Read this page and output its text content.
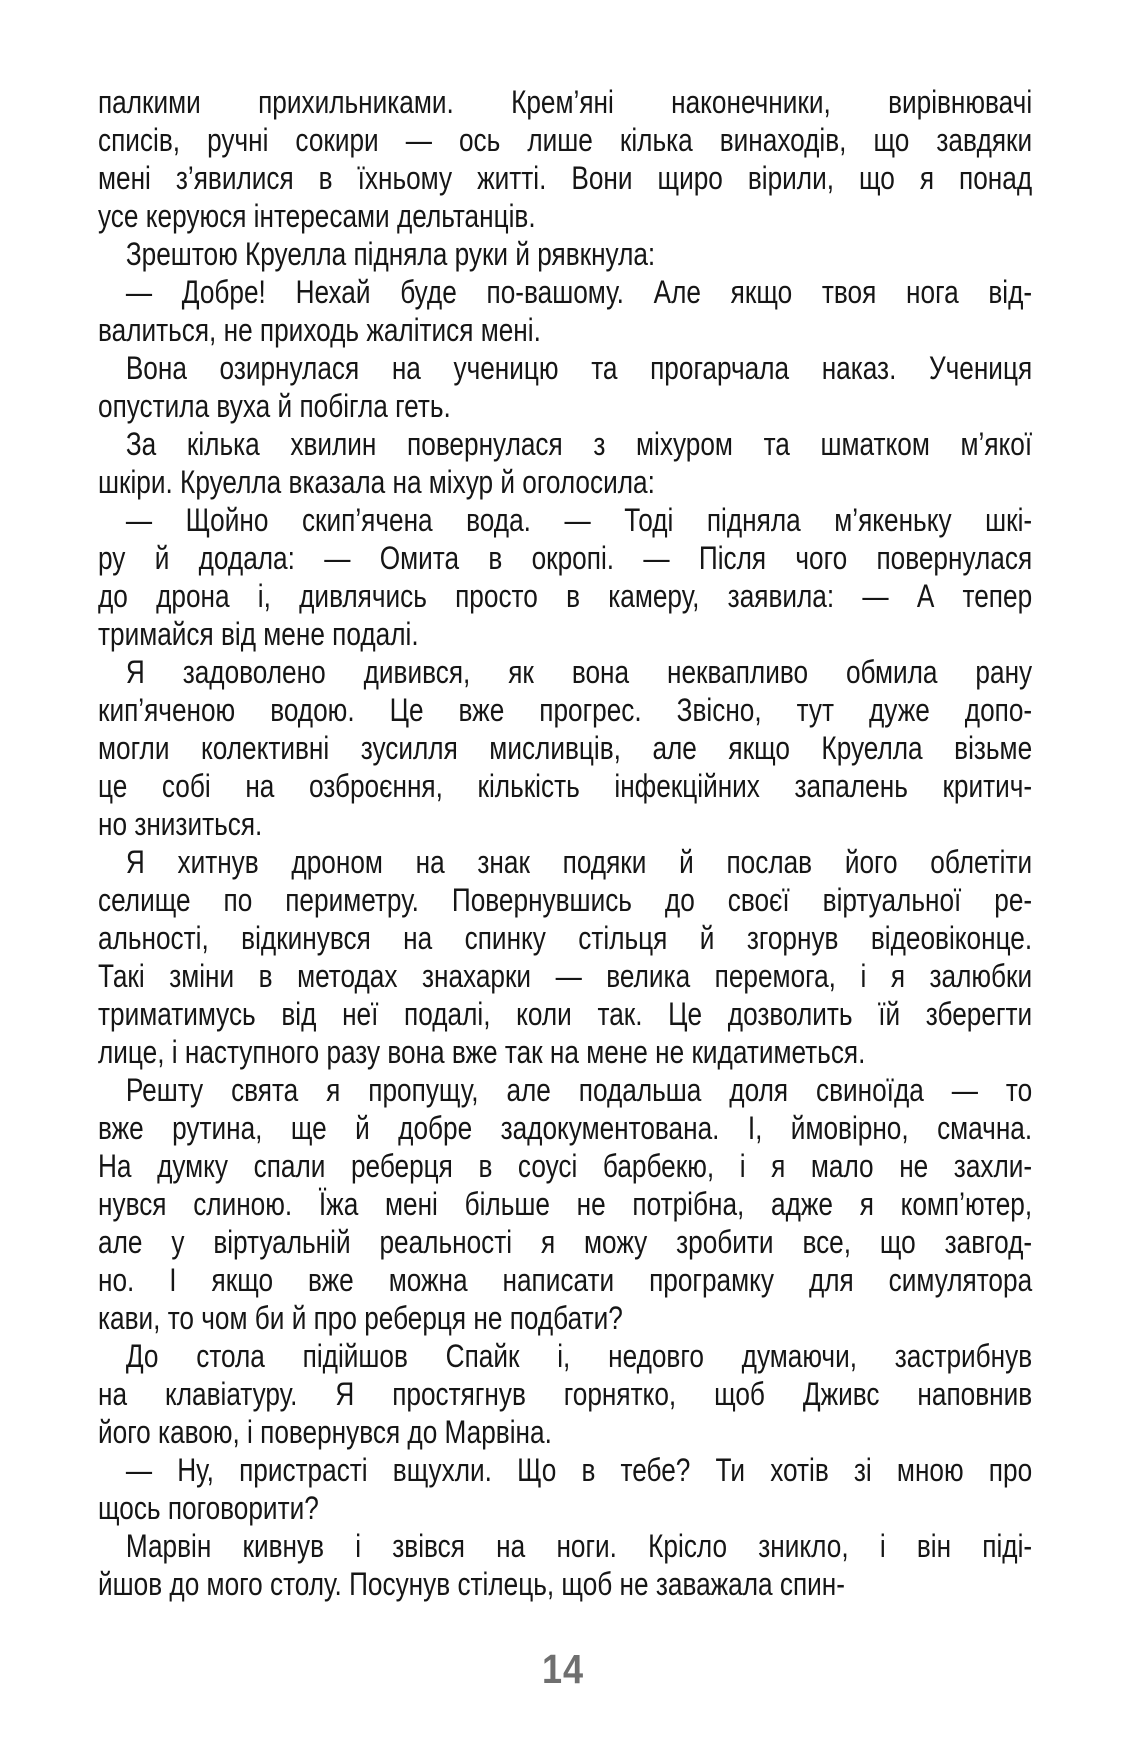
палкими прихильниками. Крем’яні наконечники, вирівнювачі
списів, ручні сокири — ось лише кілька винаходів, що завдяки
мені з’явилися в їхньому житті. Вони щиро вірили, що я понад
усе керуюся інтересами дельтанців.
Зрештою Круелла підняла руки й рявкнула:
— Добре! Нехай буде по-вашому. Але якщо твоя нога від-
валиться, не приходь жалітися мені.
Вона озирнулася на ученицю та прогарчала наказ. Учениця
опустила вуха й побігла геть.
За кілька хвилин повернулася з міхуром та шматком м’якої
шкіри. Круелла вказала на міхур й оголосила:
— Щойно скип’ячена вода. — Тоді підняла м’якеньку шкі-
ру й додала: — Омита в окропі. — Після чого повернулася
до дрона і, дивлячись просто в камеру, заявила: — А тепер
тримайся від мене подалі.
Я задоволено дивився, як вона неквапливо обмила рану
кип’яченою водою. Це вже прогрес. Звісно, тут дуже допо-
могли колективні зусилля мисливців, але якщо Круелла візьме
це собі на озброєння, кількість інфекційних запалень критич-
но знизиться.
Я хитнув дроном на знак подяки й послав його облетіти
селище по периметру. Повернувшись до своєї віртуальної ре-
альності, відкинувся на спинку стільця й згорнув відеовіконце.
Такі зміни в методах знахарки — велика перемога, і я залюбки
триматимусь від неї подалі, коли так. Це дозволить їй зберегти
лице, і наступного разу вона вже так на мене не кидатиметься.
Решту свята я пропущу, але подальша доля свиноїда — то
вже рутина, ще й добре задокументована. І, ймовірно, смачна.
На думку спали реберця в соусі барбекю, і я мало не захли-
нувся слиною. Їжа мені більше не потрібна, адже я комп’ютер,
але у віртуальній реальності я можу зробити все, що завгод-
но. І якщо вже можна написати програмку для симулятора
кави, то чом би й про реберця не подбати?
До стола підійшов Спайк і, недовго думаючи, застрибнув
на клавіатуру. Я простягнув горнятко, щоб Дживс наповнив
його кавою, і повернувся до Марвіна.
— Ну, пристрасті вщухли. Що в тебе? Ти хотів зі мною про
щось поговорити?
Марвін кивнув і звівся на ноги. Крісло зникло, і він піді-
йшов до мого столу. Посунув стілець, щоб не заважала спин-
14
